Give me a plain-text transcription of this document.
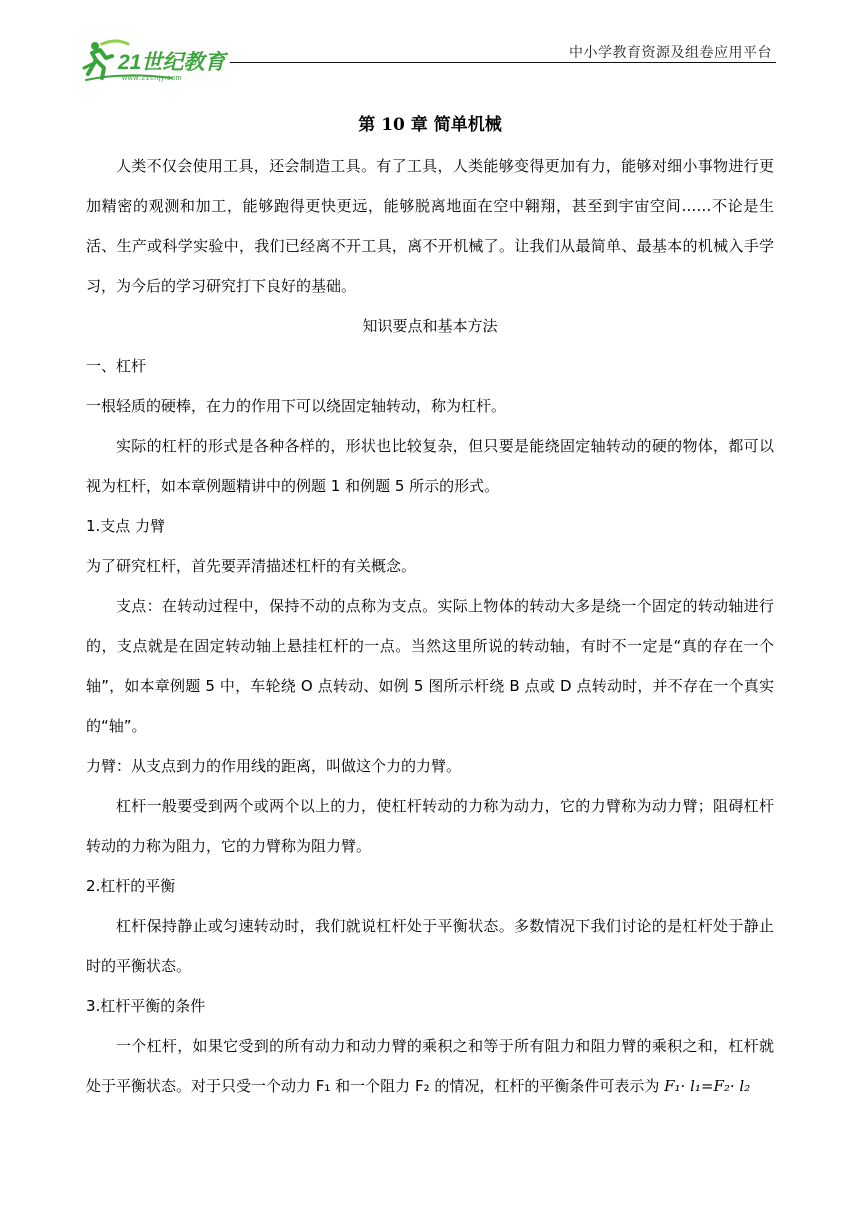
21世纪教育
www.21cnjy.com
中小学教育资源及组卷应用平台
第 10 章 简单机械

人类不仅会使用工具，还会制造工具。有了工具，人类能够变得更加有力，能够对细小事物进行更加精密的观测和加工，能够跑得更快更远，能够脱离地面在空中翱翔，甚至到宇宙空间……不论是生活、生产或科学实验中，我们已经离不开工具，离不开机械了。让我们从最简单、最基本的机械入手学习，为今后的学习研究打下良好的基础。

知识要点和基本方法

一、杠杆

一根轻质的硬棒，在力的作用下可以绕固定轴转动，称为杠杆。

实际的杠杆的形式是各种各样的，形状也比较复杂，但只要是能绕固定轴转动的硬的物体，都可以视为杠杆，如本章例题精讲中的例题 1 和例题 5 所示的形式。

1.支点 力臂

为了研究杠杆，首先要弄清描述杠杆的有关概念。

支点：在转动过程中，保持不动的点称为支点。实际上物体的转动大多是绕一个固定的转动轴进行的，支点就是在固定转动轴上悬挂杠杆的一点。当然这里所说的转动轴，有时不一定是“真的存在一个轴”，如本章例题 5 中，车轮绕 O 点转动、如例 5 图所示杆绕 B 点或 D 点转动时，并不存在一个真实的“轴”。

力臂：从支点到力的作用线的距离，叫做这个力的力臂。

杠杆一般要受到两个或两个以上的力，使杠杆转动的力称为动力，它的力臂称为动力臂；阻碍杠杆转动的力称为阻力，它的力臂称为阻力臂。

2.杠杆的平衡

杠杆保持静止或匀速转动时，我们就说杠杆处于平衡状态。多数情况下我们讨论的是杠杆处于静止时的平衡状态。

3.杠杆平衡的条件

一个杠杆，如果它受到的所有动力和动力臂的乘积之和等于所有阻力和阻力臂的乘积之和，杠杆就处于平衡状态。对于只受一个动力 F₁ 和一个阻力 F₂ 的情况，杠杆的平衡条件可表示为 F₁· l₁=F₂· l₂
